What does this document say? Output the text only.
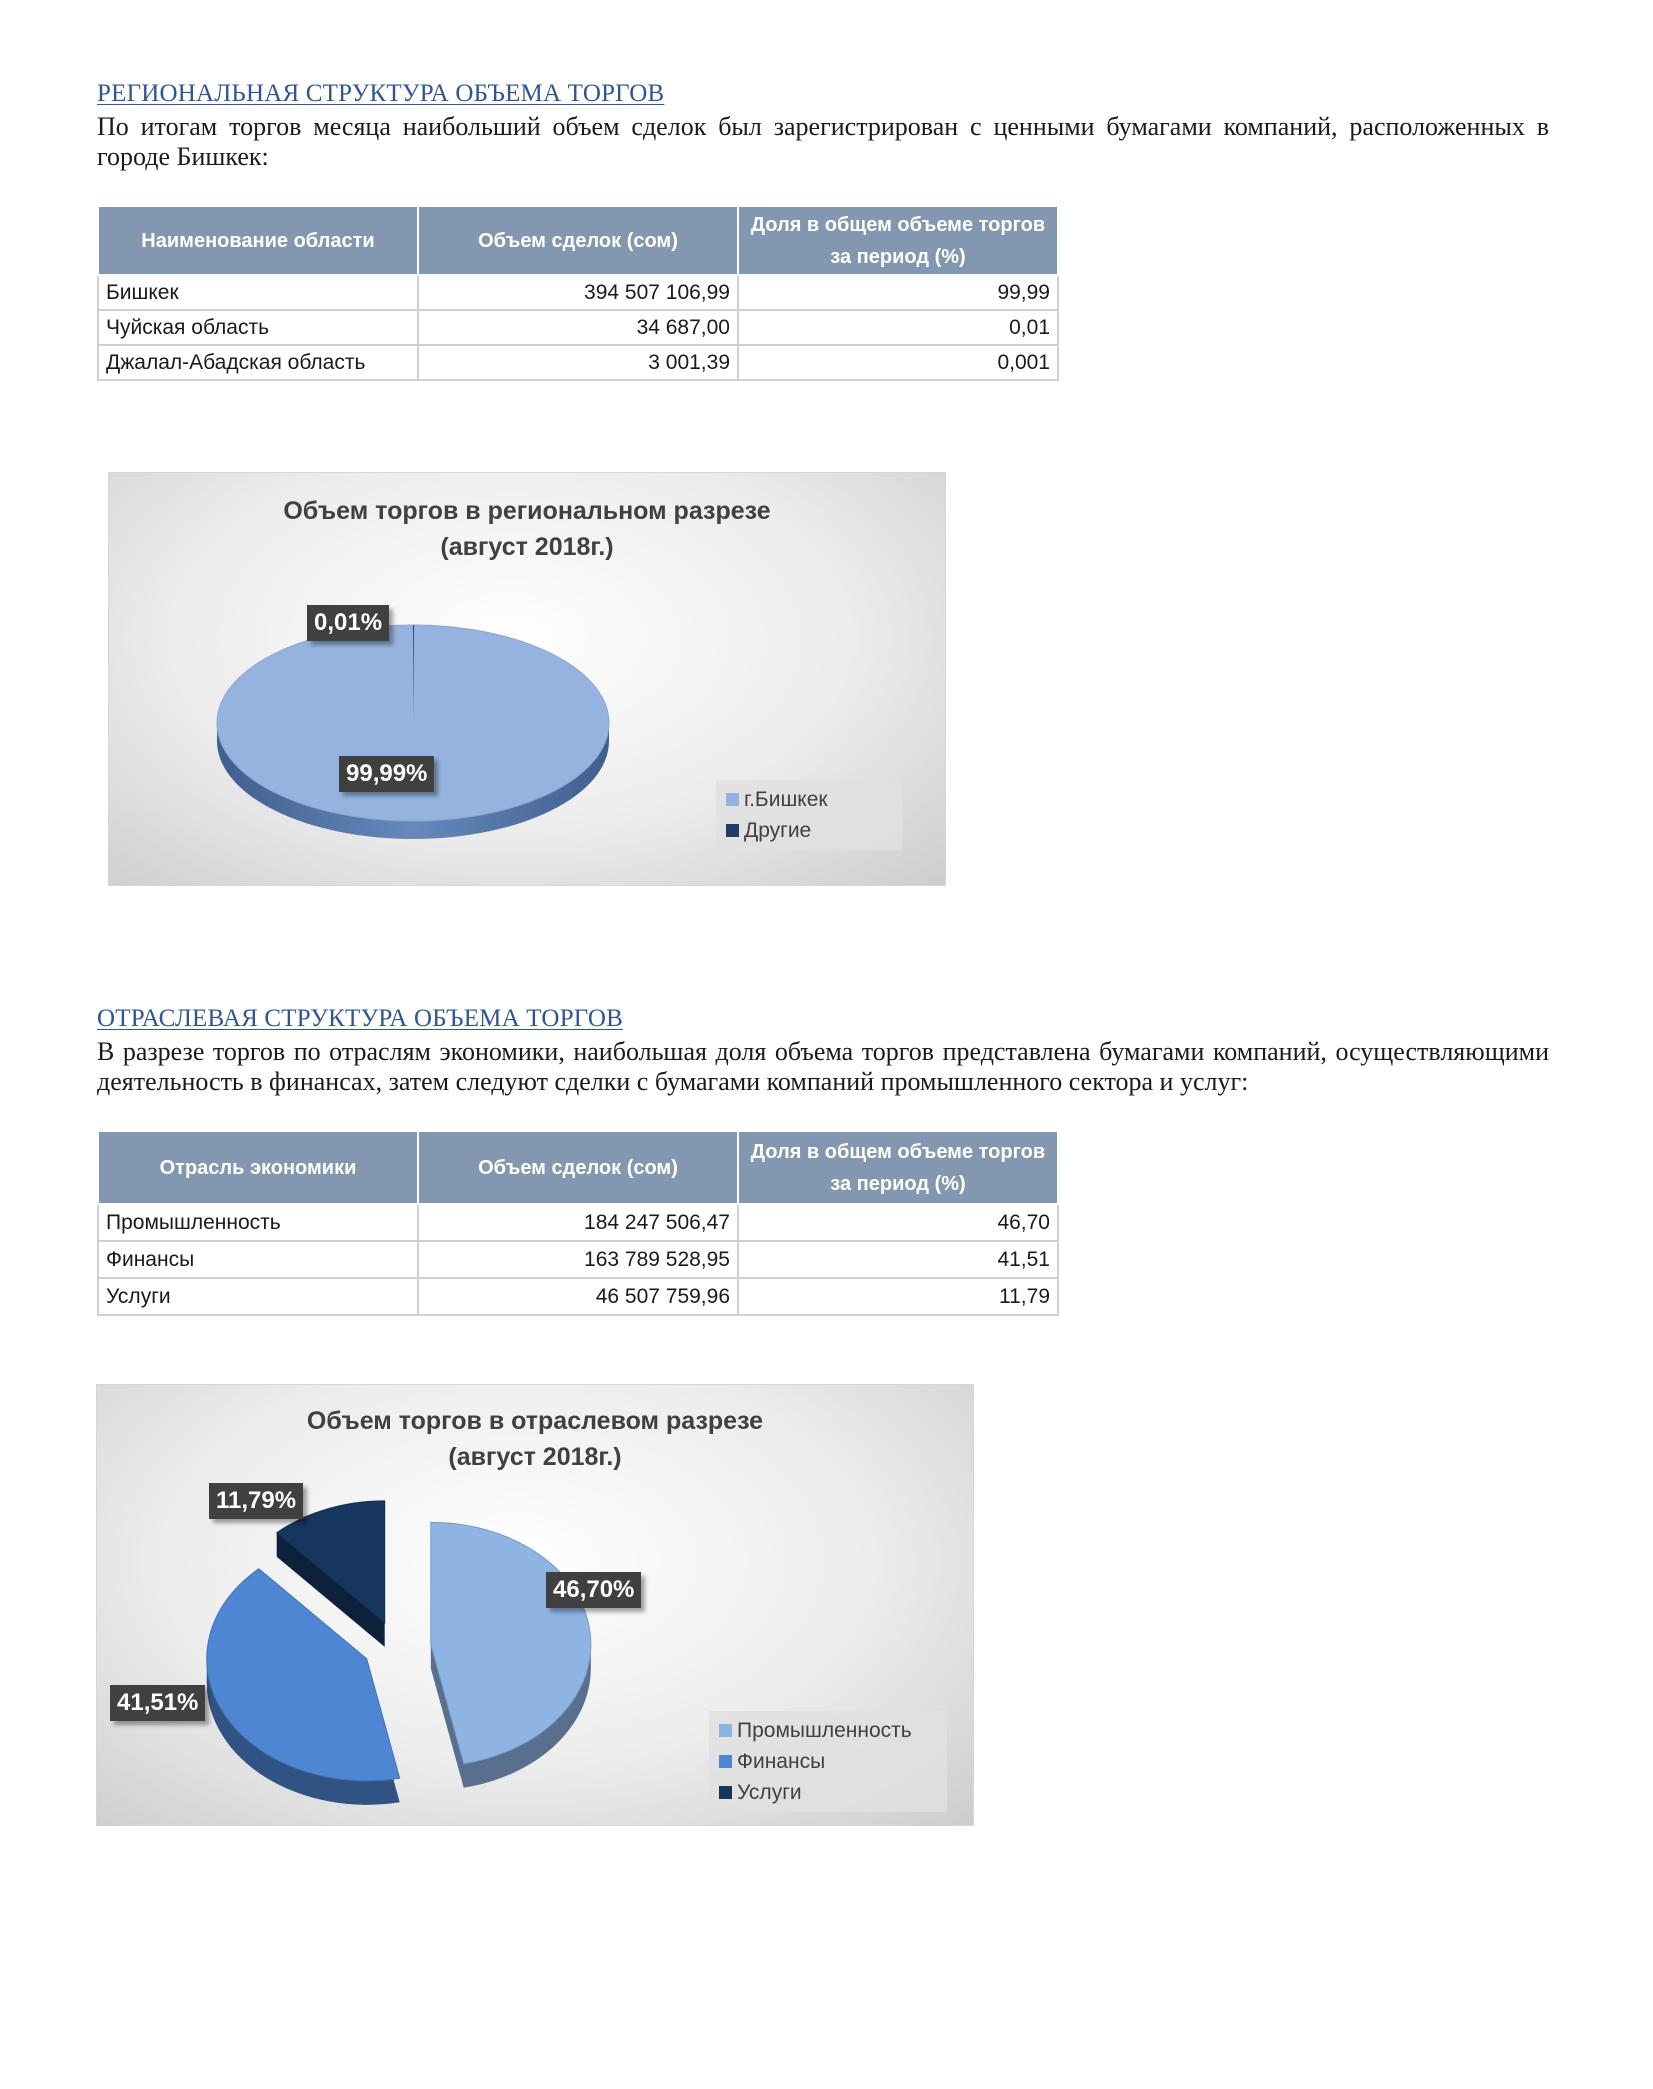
РЕГИОНАЛЬНАЯ СТРУКТУРА ОБЪЕМА ТОРГОВ
По итогам торгов месяца наибольший объем сделок был зарегистрирован с ценными бумагами компаний, расположенных в городе Бишкек:
Наименование области	Объем сделок (сом)	Доля в общем объеме торгов за период (%)
Бишкек	394 507 106,99	99,99
Чуйская область	34 687,00	0,01
Джалал-Абадская область	3 001,39	0,001
Объем торгов в региональном разрезе
(август 2018г.)
0,01%
99,99%
г.Бишкек
Другие
ОТРАСЛЕВАЯ СТРУКТУРА ОБЪЕМА ТОРГОВ
В разрезе торгов по отраслям экономики, наибольшая доля объема торгов представлена бумагами компаний, осуществляющими деятельность в финансах, затем следуют сделки с бумагами компаний промышленного сектора и услуг:
Отрасль экономики	Объем сделок (сом)	Доля в общем объеме торгов за период (%)
Промышленность	184 247 506,47	46,70
Финансы	163 789 528,95	41,51
Услуги	46 507 759,96	11,79
Объем торгов в отраслевом разрезе
(август 2018г.)
11,79%
46,70%
41,51%
Промышленность
Финансы
Услуги
